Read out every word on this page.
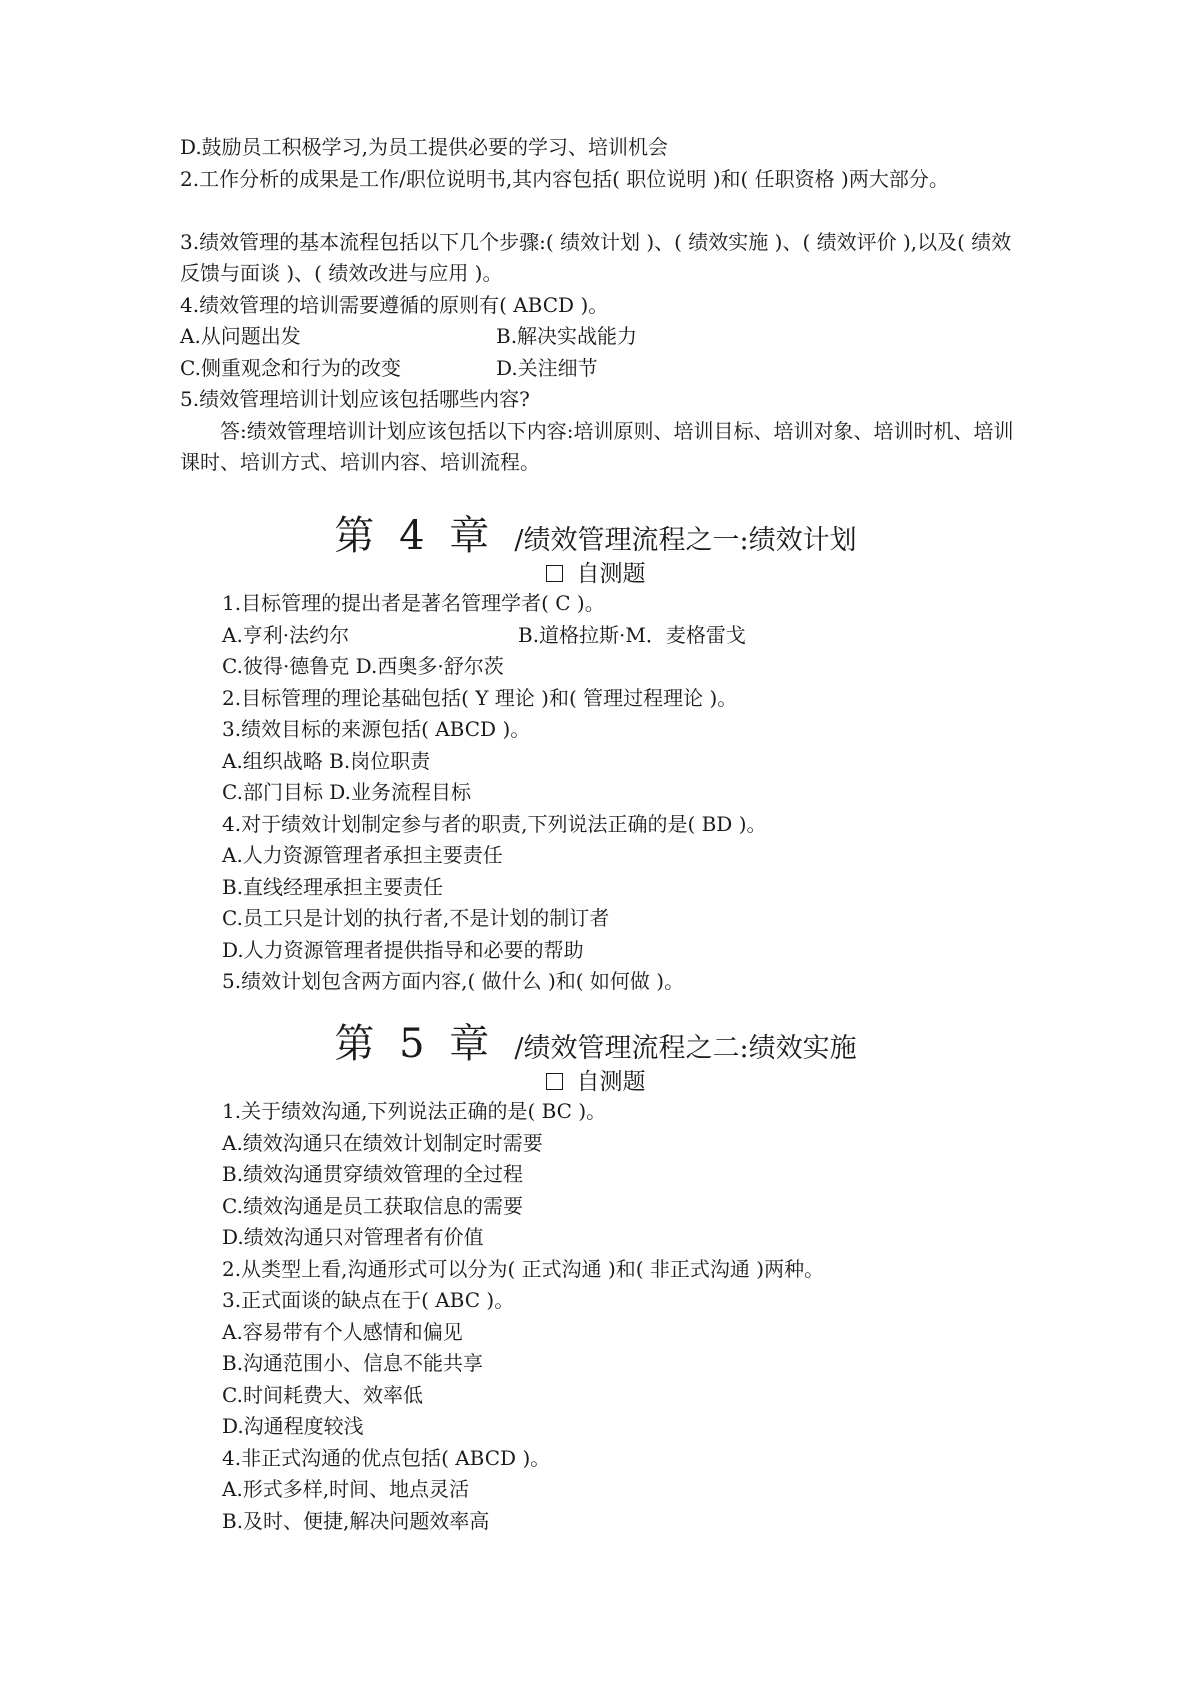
D.鼓励员工积极学习,为员工提供必要的学习、培训机会
2.工作分析的成果是工作/职位说明书,其内容包括( 职位说明 )和( 任职资格 )两大部分。
3.绩效管理的基本流程包括以下几个步骤:( 绩效计划 )、( 绩效实施 )、( 绩效评价 ),以及( 绩效反馈与面谈 )、( 绩效改进与应用 )。
4.绩效管理的培训需要遵循的原则有( ABCD )。
A.从问题出发	B.解决实战能力
C.侧重观念和行为的改变	D.关注细节
5.绩效管理培训计划应该包括哪些内容?
答:绩效管理培训计划应该包括以下内容:培训原则、培训目标、培训对象、培训时机、培训课时、培训方式、培训内容、培训流程。
第 4 章 /绩效管理流程之一:绩效计划
自测题
1.目标管理的提出者是著名管理学者( C )。
A.亨利·法约尔	B.道格拉斯·M．麦格雷戈
C.彼得·德鲁克 D.西奥多·舒尔茨
2.目标管理的理论基础包括( Y 理论 )和( 管理过程理论 )。
3.绩效目标的来源包括( ABCD )。
A.组织战略 B.岗位职责
C.部门目标 D.业务流程目标
4.对于绩效计划制定参与者的职责,下列说法正确的是( BD )。
A.人力资源管理者承担主要责任
B.直线经理承担主要责任
C.员工只是计划的执行者,不是计划的制订者
D.人力资源管理者提供指导和必要的帮助
5.绩效计划包含两方面内容,( 做什么 )和( 如何做 )。
第 5 章 /绩效管理流程之二:绩效实施
自测题
1.关于绩效沟通,下列说法正确的是( BC )。
A.绩效沟通只在绩效计划制定时需要
B.绩效沟通贯穿绩效管理的全过程
C.绩效沟通是员工获取信息的需要
D.绩效沟通只对管理者有价值
2.从类型上看,沟通形式可以分为( 正式沟通 )和( 非正式沟通 )两种。
3.正式面谈的缺点在于( ABC )。
A.容易带有个人感情和偏见
B.沟通范围小、信息不能共享
C.时间耗费大、效率低
D.沟通程度较浅
4.非正式沟通的优点包括( ABCD )。
A.形式多样,时间、地点灵活
B.及时、便捷,解决问题效率高
